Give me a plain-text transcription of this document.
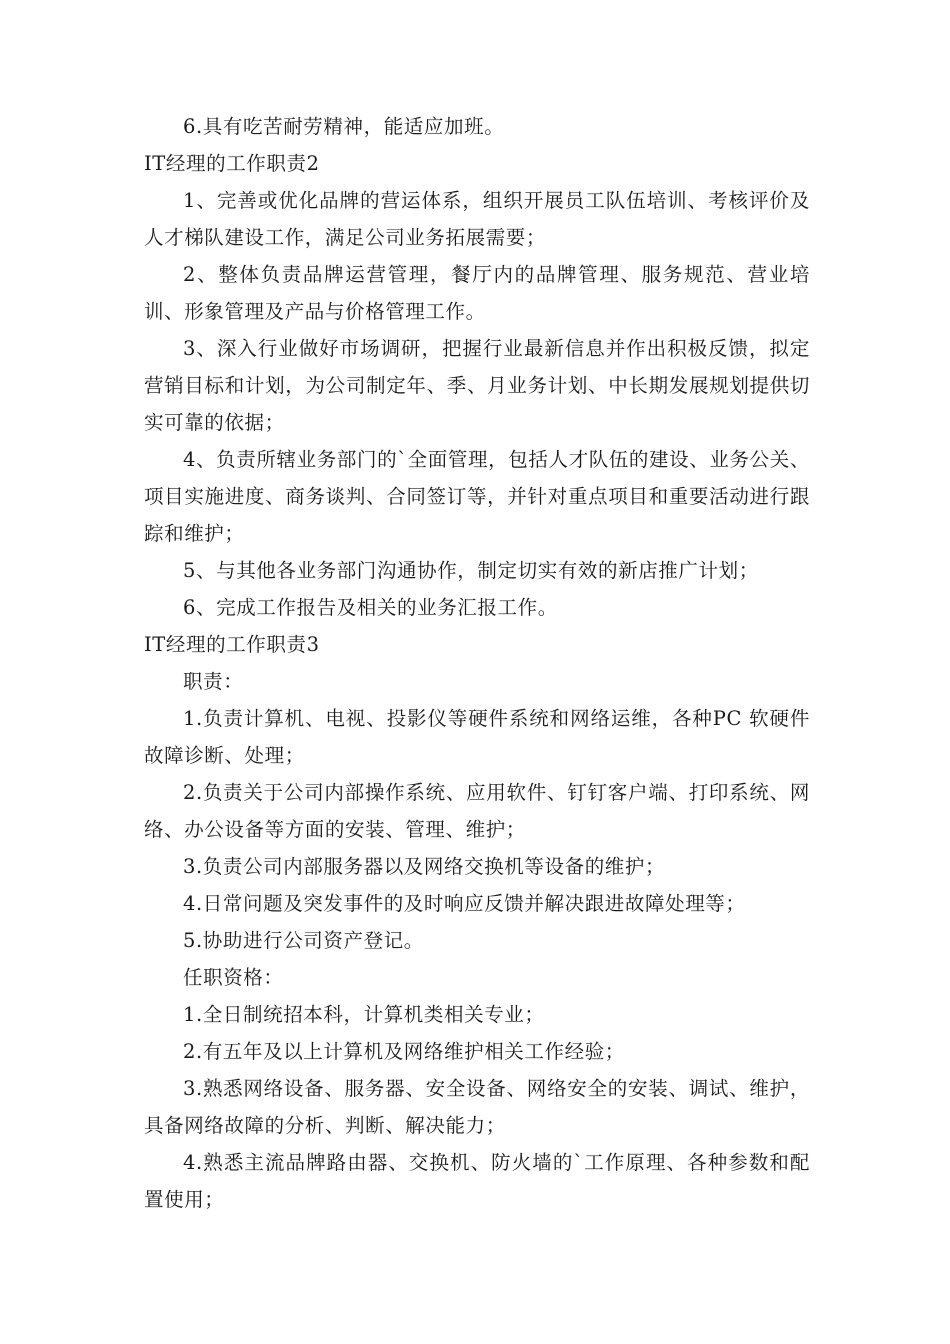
6.具有吃苦耐劳精神，能适应加班。

IT经理的工作职责2

1、完善或优化品牌的营运体系，组织开展员工队伍培训、考核评价及人才梯队建设工作，满足公司业务拓展需要；

2、整体负责品牌运营管理，餐厅内的品牌管理、服务规范、营业培训、形象管理及产品与价格管理工作。

3、深入行业做好市场调研，把握行业最新信息并作出积极反馈，拟定营销目标和计划，为公司制定年、季、月业务计划、中长期发展规划提供切实可靠的依据；

4、负责所辖业务部门的`全面管理，包括人才队伍的建设、业务公关、项目实施进度、商务谈判、合同签订等，并针对重点项目和重要活动进行跟踪和维护；

5、与其他各业务部门沟通协作，制定切实有效的新店推广计划；

6、完成工作报告及相关的业务汇报工作。

IT经理的工作职责3

职责：

1.负责计算机、电视、投影仪等硬件系统和网络运维，各种PC 软硬件故障诊断、处理；

2.负责关于公司内部操作系统、应用软件、钉钉客户端、打印系统、网络、办公设备等方面的安装、管理、维护；

3.负责公司内部服务器以及网络交换机等设备的维护；

4.日常问题及突发事件的及时响应反馈并解决跟进故障处理等；

5.协助进行公司资产登记。

任职资格：

1.全日制统招本科，计算机类相关专业；

2.有五年及以上计算机及网络维护相关工作经验；

3.熟悉网络设备、服务器、安全设备、网络安全的安装、调试、维护，具备网络故障的分析、判断、解决能力；

4.熟悉主流品牌路由器、交换机、防火墙的`工作原理、各种参数和配置使用；
